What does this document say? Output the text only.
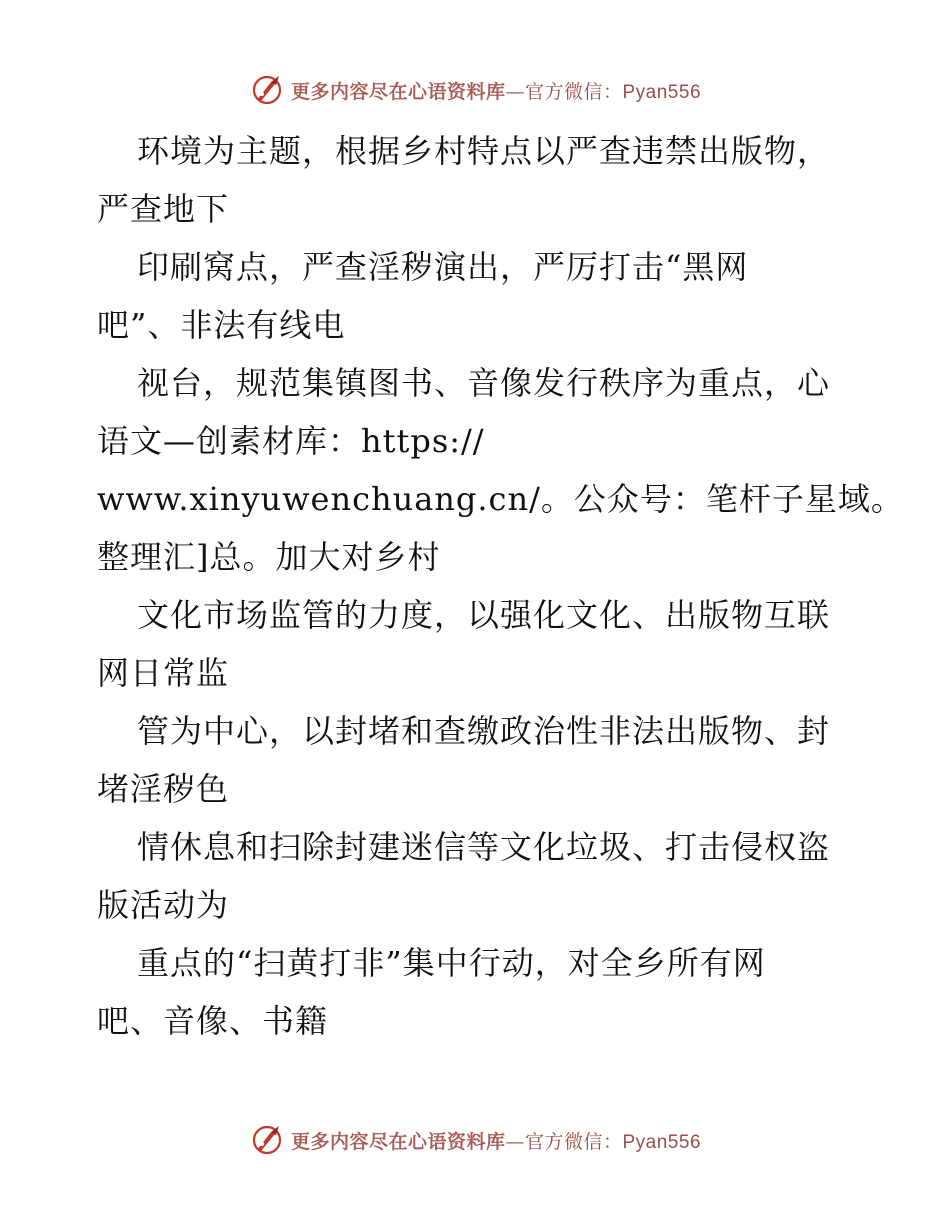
更多内容尽在心语资料库—官方微信：Pyan556
环境为主题，根据乡村特点以严查违禁出版物，
严查地下
印刷窝点，严查淫秽演出，严厉打击“黑网
吧”、非法有线电
视台，规范集镇图书、音像发行秩序为重点，心
语文—创素材库：https://
www.xinyuwenchuang.cn/。公众号：笔杆子星域。
整理汇]总。加大对乡村
文化市场监管的力度，以强化文化、出版物互联
网日常监
管为中心，以封堵和查缴政治性非法出版物、封
堵淫秽色
情休息和扫除封建迷信等文化垃圾、打击侵权盗
版活动为
重点的“扫黄打非”集中行动，对全乡所有网
吧、音像、书籍
更多内容尽在心语资料库—官方微信：Pyan556
